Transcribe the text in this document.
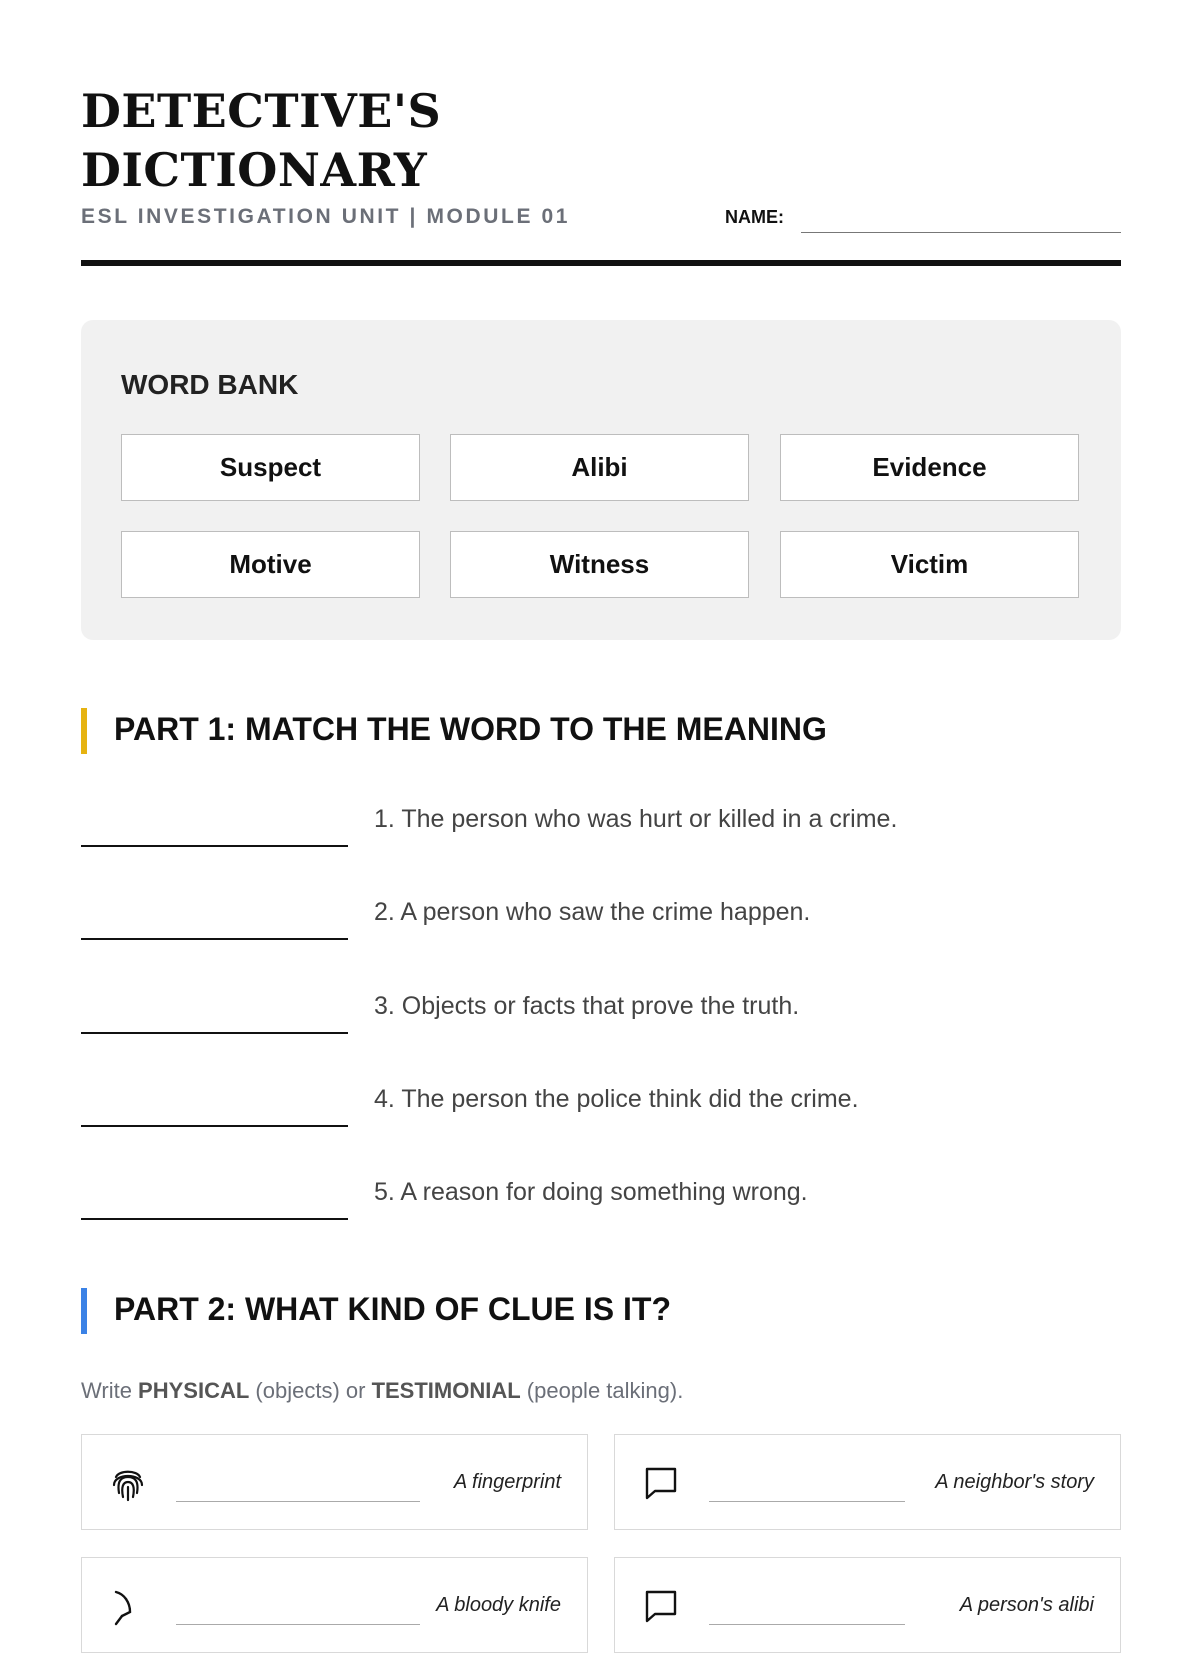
DETECTIVE'S
DICTIONARY
ESL INVESTIGATION UNIT | MODULE 01	NAME:
WORD BANK
Suspect	Alibi	Evidence
Motive	Witness	Victim
PART 1: MATCH THE WORD TO THE MEANING
1. The person who was hurt or killed in a crime.
2. A person who saw the crime happen.
3. Objects or facts that prove the truth.
4. The person the police think did the crime.
5. A reason for doing something wrong.
PART 2: WHAT KIND OF CLUE IS IT?
Write PHYSICAL (objects) or TESTIMONIAL (people talking).
A fingerprint	A neighbor's story
A bloody knife	A person's alibi
